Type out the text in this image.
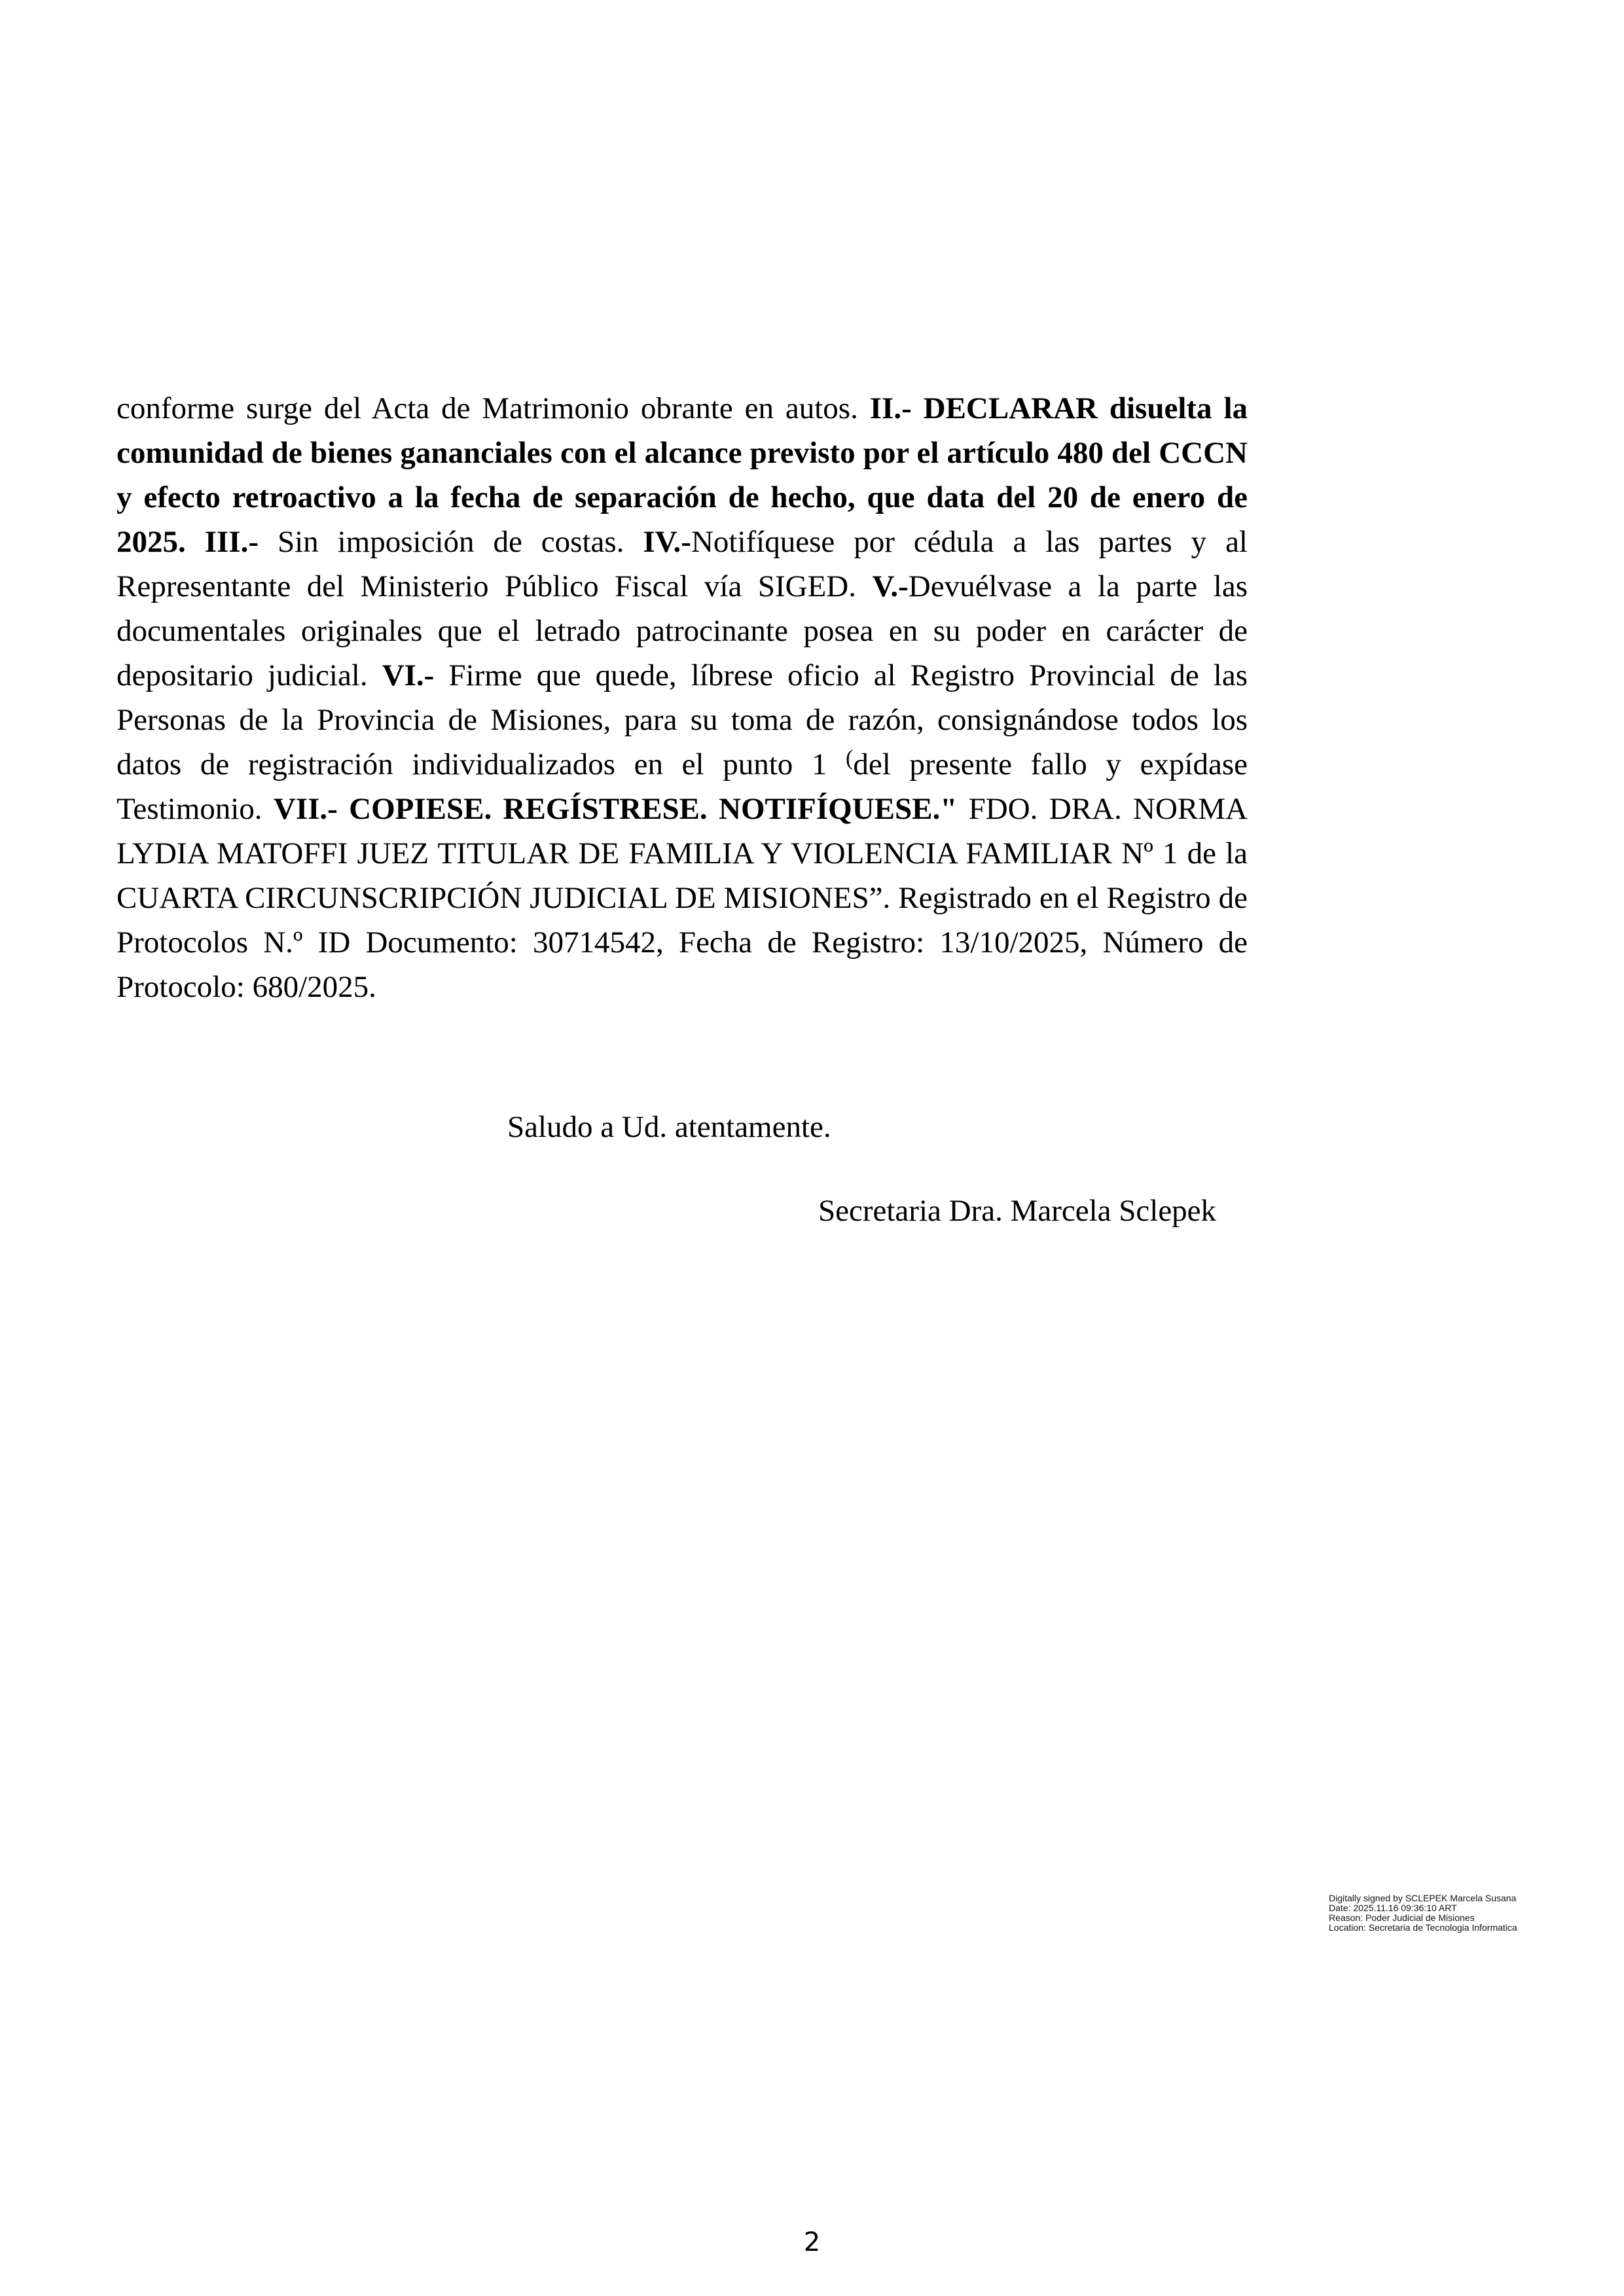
conforme surge del Acta de Matrimonio obrante en autos. II.- DECLARAR disuelta la comunidad de bienes gananciales con el alcance previsto por el artículo 480 del CCCN y efecto retroactivo a la fecha de separación de hecho, que data del 20 de enero de 2025. III.- Sin imposición de costas. IV.-Notifíquese por cédula a las partes y al Representante del Ministerio Público Fiscal vía SIGED. V.-Devuélvase a la parte las documentales originales que el letrado patrocinante posea en su poder en carácter de depositario judicial. VI.- Firme que quede, líbrese oficio al Registro Provincial de las Personas de la Provincia de Misiones, para su toma de razón, consignándose todos los datos de registración individualizados en el punto 1 (del presente fallo y expídase Testimonio. VII.- COPIESE. REGÍSTRESE. NOTIFÍQUESE." FDO. DRA. NORMA LYDIA MATOFFI JUEZ TITULAR DE FAMILIA Y VIOLENCIA FAMILIAR Nº 1 de la CUARTA CIRCUNSCRIPCIÓN JUDICIAL DE MISIONES”. Registrado en el Registro de Protocolos N.º ID Documento: 30714542, Fecha de Registro: 13/10/2025, Número de Protocolo: 680/2025.

Saludo a Ud. atentamente.
Secretaria Dra. Marcela Sclepek
Digitally signed by SCLEPEK Marcela Susana
Date: 2025.11.16 09:36:10 ART
Reason: Poder Judicial de Misiones
Location: Secretaria de Tecnologia Informatica
2
